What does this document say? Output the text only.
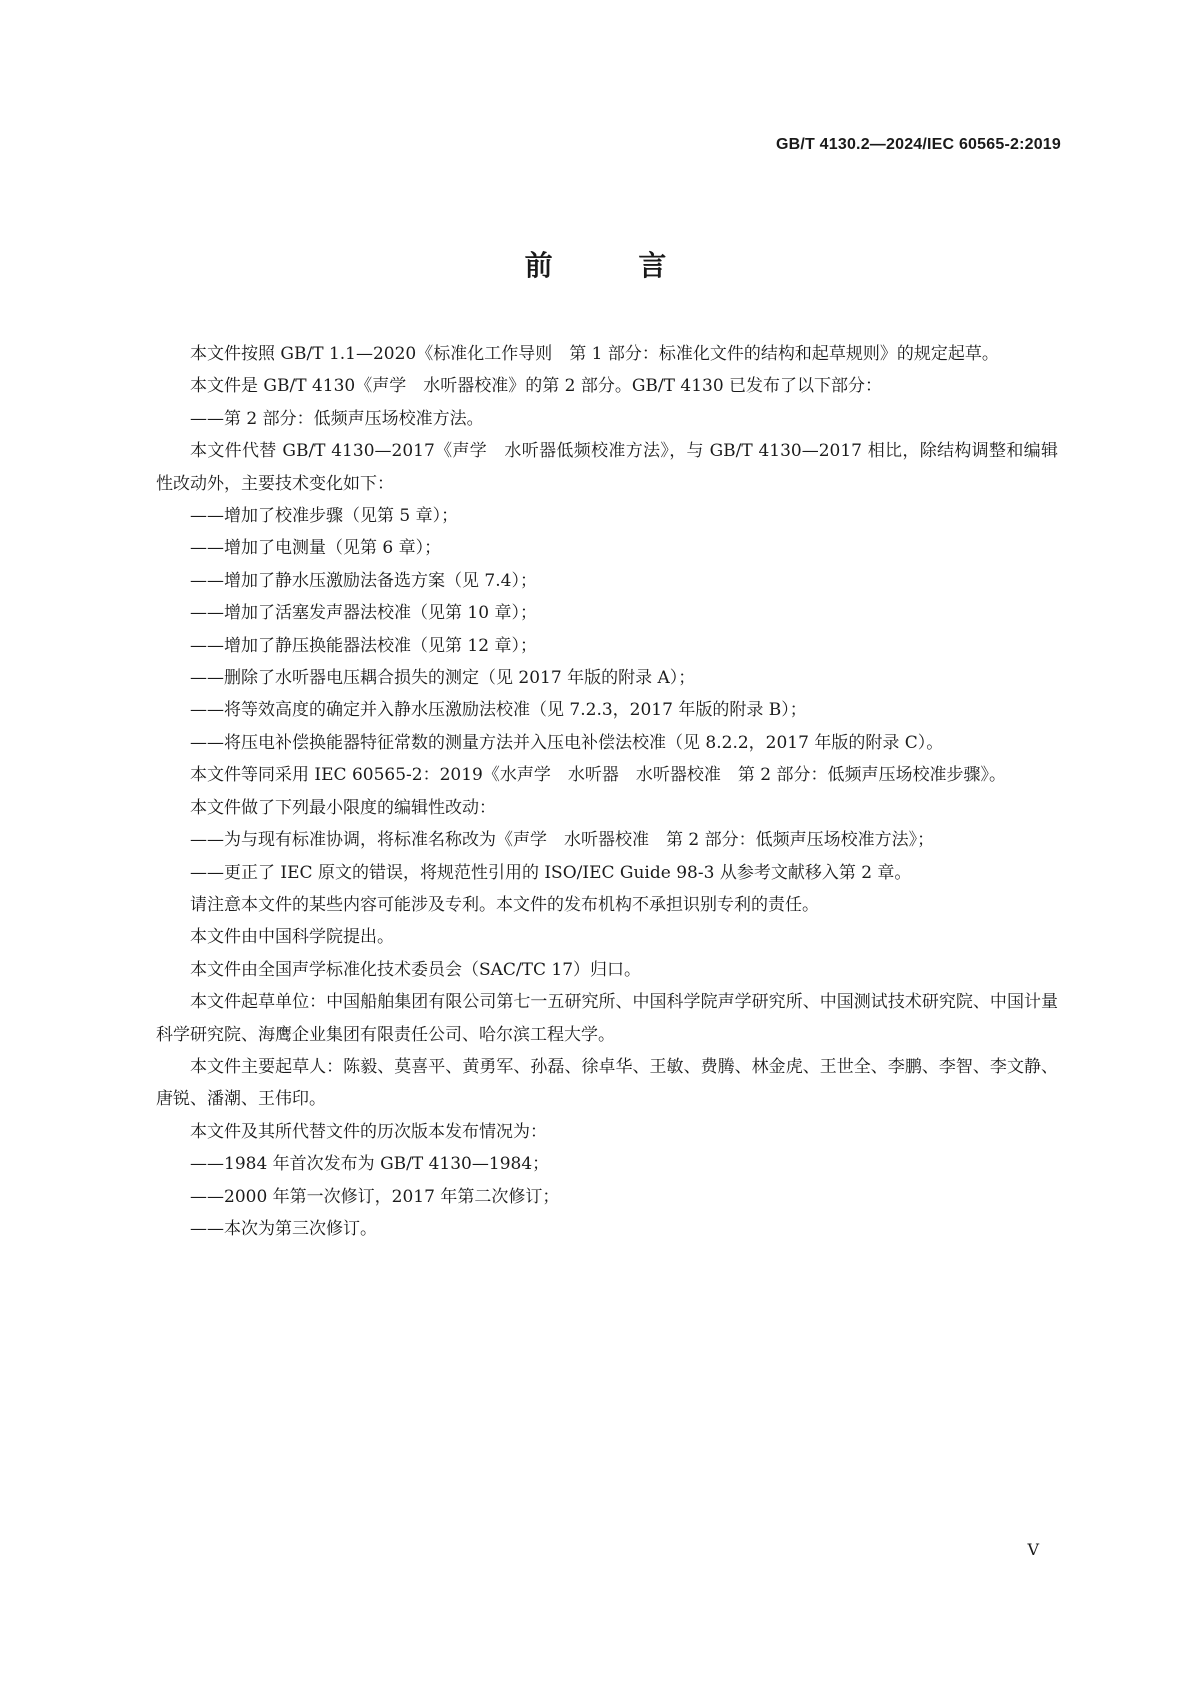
GB/T 4130.2—2024/IEC 60565-2:2019
前 言

本文件按照 GB/T 1.1—2020《标准化工作导则　第 1 部分：标准化文件的结构和起草规则》的规定起草。

本文件是 GB/T 4130《声学　水听器校准》的第 2 部分。GB/T 4130 已发布了以下部分：

——第 2 部分：低频声压场校准方法。

本文件代替 GB/T 4130—2017《声学　水听器低频校准方法》，与 GB/T 4130—2017 相比，除结构调整和编辑性改动外，主要技术变化如下：

——增加了校准步骤（见第 5 章）；

——增加了电测量（见第 6 章）；

——增加了静水压激励法备选方案（见 7.4）；

——增加了活塞发声器法校准（见第 10 章）；

——增加了静压换能器法校准（见第 12 章）；

——删除了水听器电压耦合损失的测定（见 2017 年版的附录 A）；

——将等效高度的确定并入静水压激励法校准（见 7.2.3，2017 年版的附录 B）；

——将压电补偿换能器特征常数的测量方法并入压电补偿法校准（见 8.2.2，2017 年版的附录 C）。

本文件等同采用 IEC 60565-2：2019《水声学　水听器　水听器校准　第 2 部分：低频声压场校准步骤》。

本文件做了下列最小限度的编辑性改动：

——为与现有标准协调，将标准名称改为《声学　水听器校准　第 2 部分：低频声压场校准方法》；

——更正了 IEC 原文的错误，将规范性引用的 ISO/IEC Guide 98-3 从参考文献移入第 2 章。

请注意本文件的某些内容可能涉及专利。本文件的发布机构不承担识别专利的责任。

本文件由中国科学院提出。

本文件由全国声学标准化技术委员会（SAC/TC 17）归口。

本文件起草单位：中国船舶集团有限公司第七一五研究所、中国科学院声学研究所、中国测试技术研究院、中国计量科学研究院、海鹰企业集团有限责任公司、哈尔滨工程大学。

本文件主要起草人：陈毅、莫喜平、黄勇军、孙磊、徐卓华、王敏、费腾、林金虎、王世全、李鹏、李智、李文静、唐锐、潘潮、王伟印。

本文件及其所代替文件的历次版本发布情况为：

——1984 年首次发布为 GB/T 4130—1984；

——2000 年第一次修订，2017 年第二次修订；

——本次为第三次修订。

Ⅴ
